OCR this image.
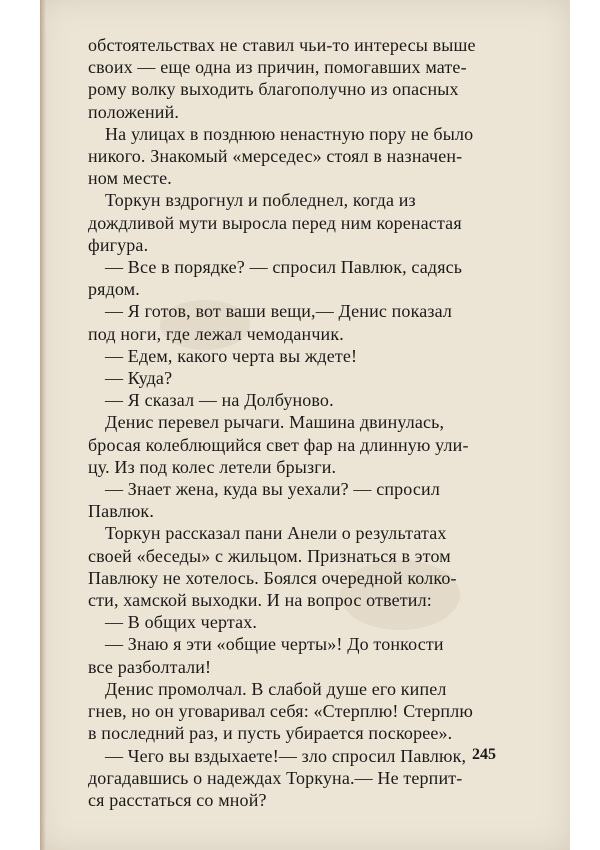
обстоятельствах не ставил чьи-то интересы выше
своих — еще одна из причин, помогавших мате-
рому волку выходить благополучно из опасных
положений.

На улицах в позднюю ненастную пору не было
никого. Знакомый «мерседес» стоял в назначен-
ном месте.

Торкун вздрогнул и побледнел, когда из
дождливой мути выросла перед ним коренастая
фигура.

— Все в порядке? — спросил Павлюк, садясь
рядом.

— Я готов, вот ваши вещи,— Денис показал
под ноги, где лежал чемоданчик.

— Едем, какого черта вы ждете!

— Куда?

— Я сказал — на Долбуново.

Денис перевел рычаги. Машина двинулась,
бросая колеблющийся свет фар на длинную ули-
цу. Из под колес летели брызги.

— Знает жена, куда вы уехали? — спросил
Павлюк.

Торкун рассказал пани Анели о результатах
своей «беседы» с жильцом. Признаться в этом
Павлюку не хотелось. Боялся очередной колко-
сти, хамской выходки. И на вопрос ответил:

— В общих чертах.

— Знаю я эти «общие черты»! До тонкости
все разболтали!

Денис промолчал. В слабой душе его кипел
гнев, но он уговаривал себя: «Стерплю! Стерплю
в последний раз, и пусть убирается поскорее».

— Чего вы вздыхаете!— зло спросил Павлюк,
догадавшись о надеждах Торкуна.— Не терпит-
ся расстаться со мной?

245
